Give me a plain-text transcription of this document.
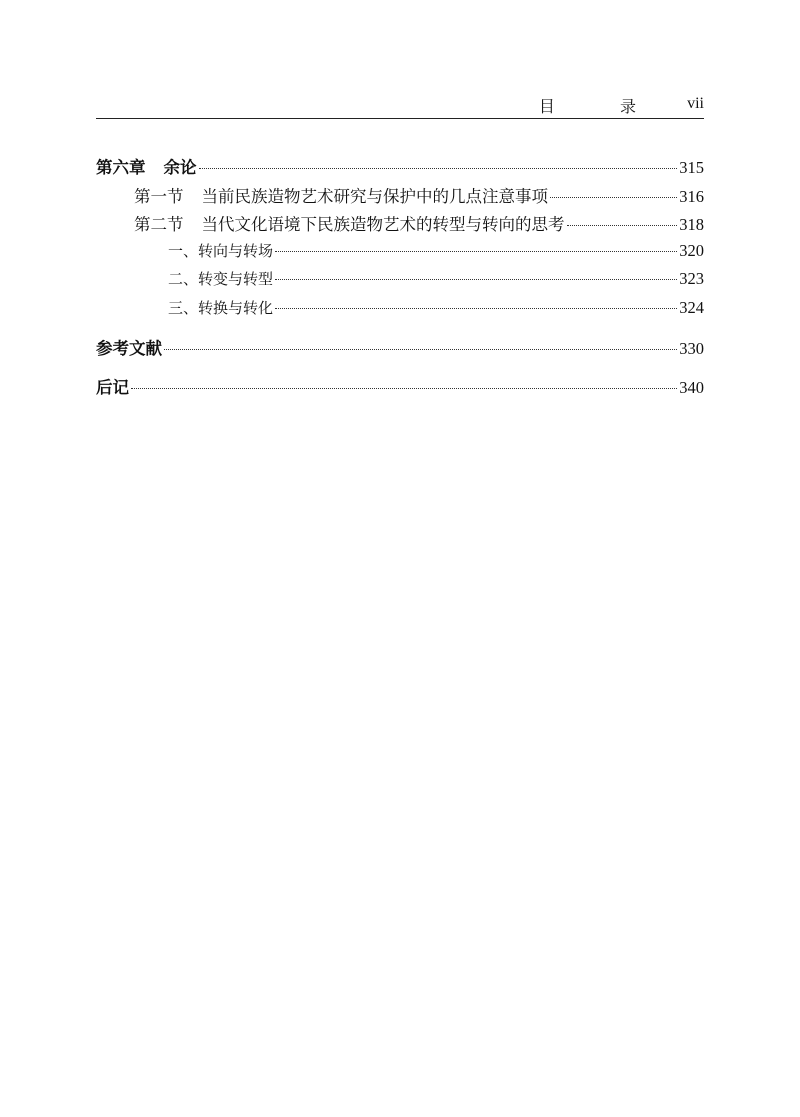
目 录 vii
第六章 余论	315
第一节 当前民族造物艺术研究与保护中的几点注意事项	316
第二节 当代文化语境下民族造物艺术的转型与转向的思考	318
一、转向与转场	320
二、转变与转型	323
三、转换与转化	324
参考文献	330
后记	340
